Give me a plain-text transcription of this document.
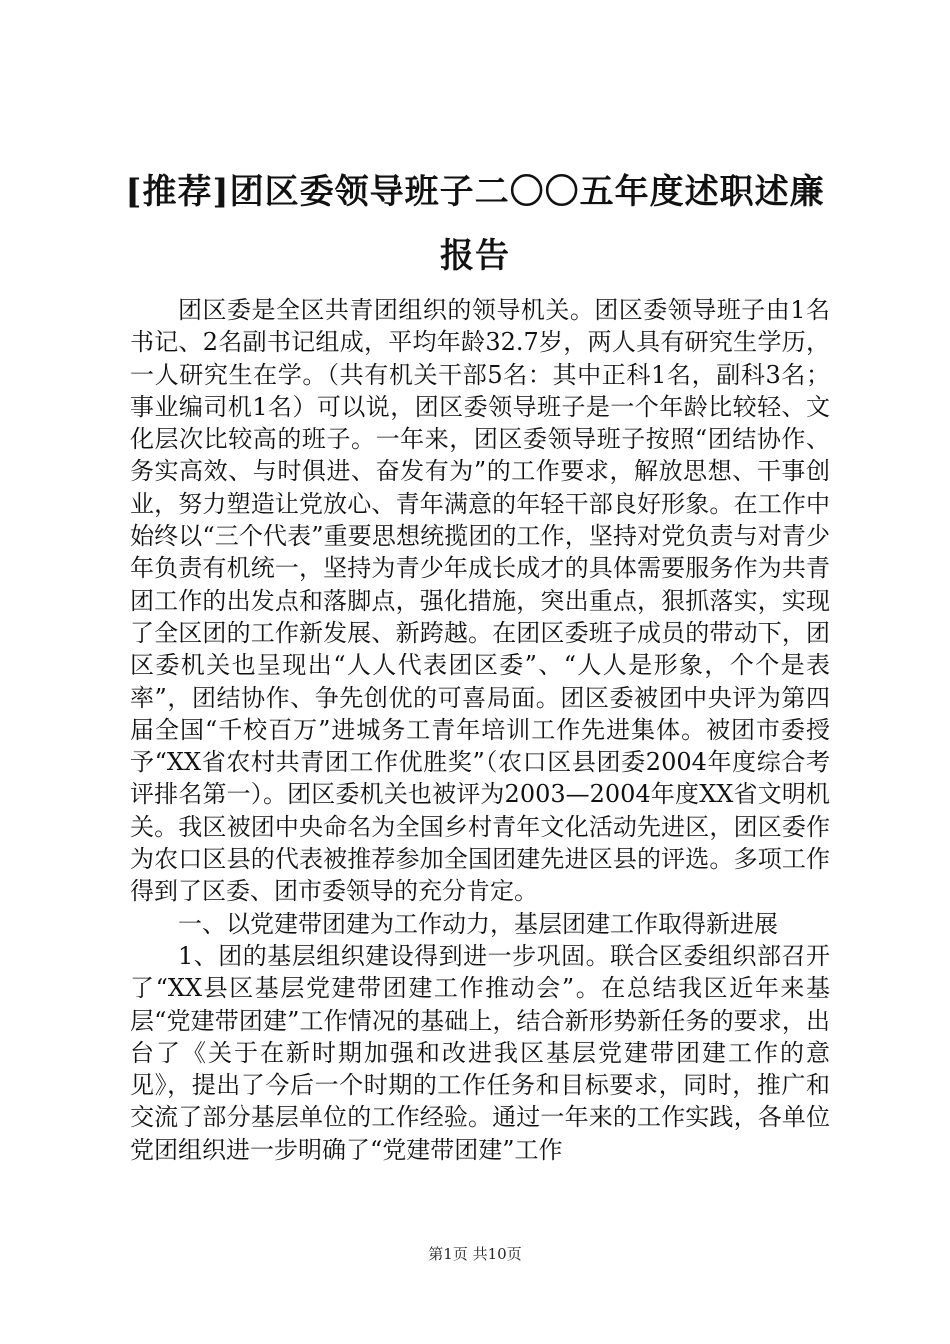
[推荐]团区委领导班子二〇〇五年度述职述廉报告

团区委是全区共青团组织的领导机关。团区委领导班子由1名书记、2名副书记组成，平均年龄32.7岁，两人具有研究生学历，一人研究生在学。（共有机关干部5名：其中正科1名，副科3名；事业编司机1名）可以说，团区委领导班子是一个年龄比较轻、文化层次比较高的班子。一年来，团区委领导班子按照“团结协作、务实高效、与时俱进、奋发有为”的工作要求，解放思想、干事创业，努力塑造让党放心、青年满意的年轻干部良好形象。在工作中始终以“三个代表”重要思想统揽团的工作，坚持对党负责与对青少年负责有机统一，坚持为青少年成长成才的具体需要服务作为共青团工作的出发点和落脚点，强化措施，突出重点，狠抓落实，实现了全区团的工作新发展、新跨越。在团区委班子成员的带动下，团区委机关也呈现出“人人代表团区委”、“人人是形象，个个是表率”，团结协作、争先创优的可喜局面。团区委被团中央评为第四届全国“千校百万”进城务工青年培训工作先进集体。被团市委授予“XX省农村共青团工作优胜奖”（农口区县团委2004年度综合考评排名第一）。团区委机关也被评为2003—2004年度XX省文明机关。我区被团中央命名为全国乡村青年文化活动先进区，团区委作为农口区县的代表被推荐参加全国团建先进区县的评选。多项工作得到了区委、团市委领导的充分肯定。

一、以党建带团建为工作动力，基层团建工作取得新进展

1、团的基层组织建设得到进一步巩固。联合区委组织部召开了“XX县区基层党建带团建工作推动会”。在总结我区近年来基层“党建带团建”工作情况的基础上，结合新形势新任务的要求，出台了《关于在新时期加强和改进我区基层党建带团建工作的意见》，提出了今后一个时期的工作任务和目标要求，同时，推广和交流了部分基层单位的工作经验。通过一年来的工作实践，各单位党团组织进一步明确了“党建带团建”工作

第1页 共10页
